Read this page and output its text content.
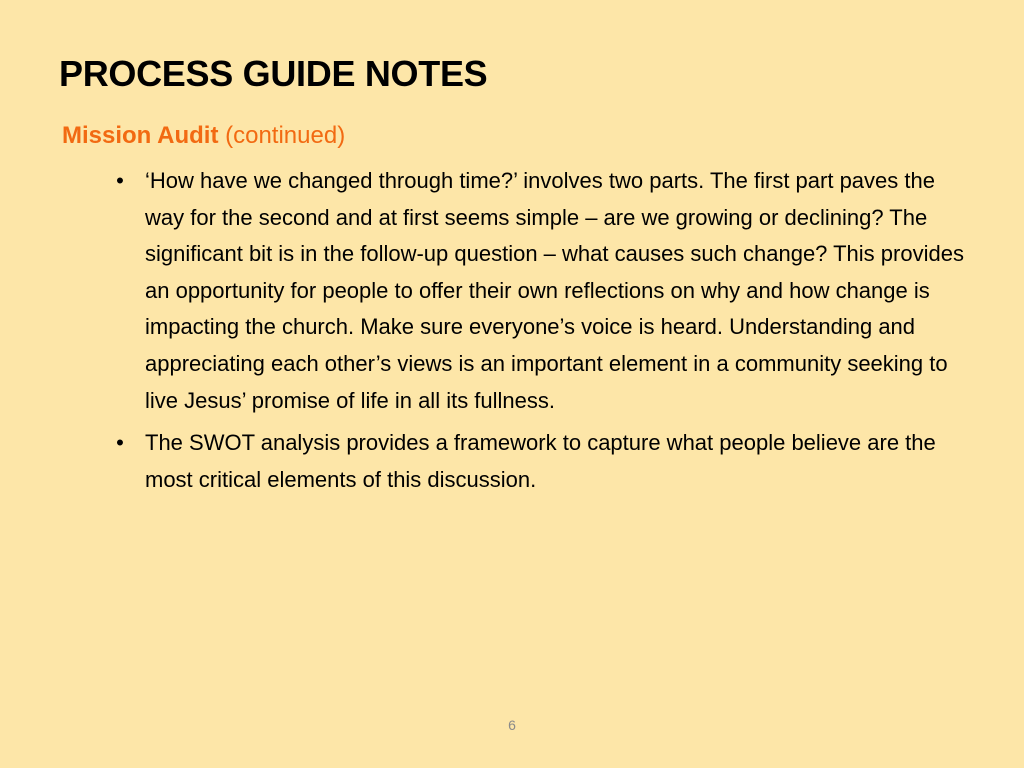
PROCESS GUIDE NOTES

Mission Audit (continued)

• ‘How have we changed through time?’ involves two parts. The first part paves the way for the second and at first seems simple – are we growing or declining? The significant bit is in the follow-up question – what causes such change? This provides an opportunity for people to offer their own reflections on why and how change is impacting the church. Make sure everyone’s voice is heard. Understanding and appreciating each other’s views is an important element in a community seeking to live Jesus’ promise of life in all its fullness.
• The SWOT analysis provides a framework to capture what people believe are the most critical elements of this discussion.
6
